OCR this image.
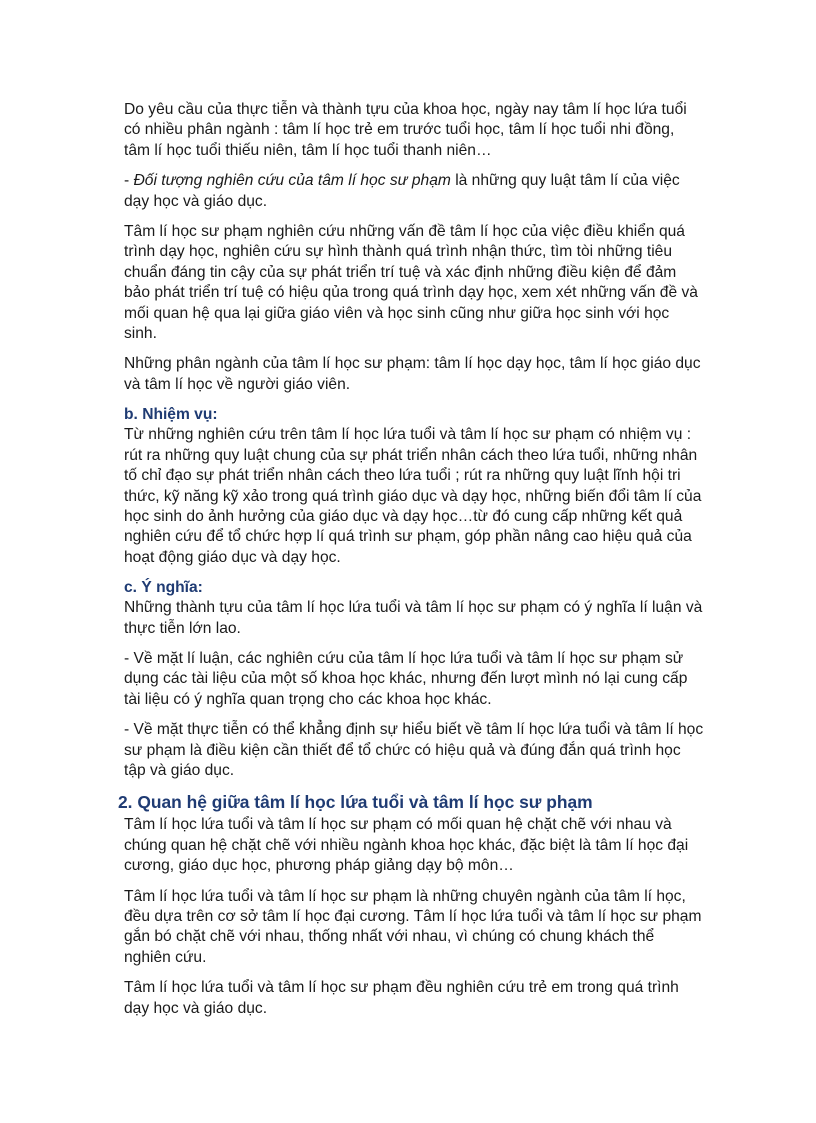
Do yêu cầu của thực tiễn và thành tựu của khoa học, ngày nay tâm lí học lứa tuổi có nhiều phân ngành : tâm lí học trẻ em trước tuổi học, tâm lí học tuổi nhi đồng, tâm lí học tuổi thiếu niên, tâm lí học tuổi thanh niên…

- Đối tượng nghiên cứu của tâm lí học sư phạm là những quy luật tâm lí của việc dạy học và giáo dục.

Tâm lí học sư phạm nghiên cứu những vấn đề tâm lí học của việc điều khiển quá trình dạy học, nghiên cứu sự hình thành quá trình nhận thức, tìm tòi những tiêu chuẩn đáng tin cậy của sự phát triển trí tuệ và xác định những điều kiện để đảm bảo phát triển trí tuệ có hiệu qủa trong quá trình dạy học, xem xét những vấn đề và mối quan hệ qua lại giữa giáo viên và học sinh cũng như giữa học sinh với học sinh.

Những phân ngành của tâm lí học sư phạm: tâm lí học dạy học, tâm lí học giáo dục và tâm lí học về người giáo viên.

b. Nhiệm vụ:

Từ những nghiên cứu trên tâm lí học lứa tuổi và tâm lí học sư phạm có nhiệm vụ : rút ra những quy luật chung của sự phát triển nhân cách theo lứa tuổi, những nhân tố chỉ đạo sự phát triển nhân cách theo lứa tuổi ; rút ra những quy luật lĩnh hội tri thức, kỹ năng kỹ xảo trong quá trình giáo dục và dạy học, những biến đổi tâm lí của học sinh do ảnh hưởng của giáo dục và dạy học…từ đó cung cấp những kết quả nghiên cứu để tổ chức hợp lí quá trình sư phạm, góp phần nâng cao hiệu quả của hoạt động giáo dục và dạy học.

c. Ý nghĩa:

Những thành tựu của tâm lí học lứa tuổi và tâm lí học sư phạm có ý nghĩa lí luận và thực tiễn lớn lao.

- Về mặt lí luận, các nghiên cứu của tâm lí học lứa tuổi và tâm lí học sư phạm sử dụng các tài liệu của một số khoa học khác, nhưng đến lượt mình nó lại cung cấp tài liệu có ý nghĩa quan trọng cho các khoa học khác.

- Về mặt thực tiễn có thể khẳng định sự hiểu biết về tâm lí học lứa tuổi và tâm lí học sư phạm là điều kiện cần thiết để tổ chức có hiệu quả và đúng đắn quá trình học tập và giáo dục.

2. Quan hệ giữa tâm lí học lứa tuổi và tâm lí học sư phạm

Tâm lí học lứa tuổi và tâm lí học sư phạm có mối quan hệ chặt chẽ với nhau và chúng quan hệ chặt chẽ với nhiều ngành khoa học khác, đặc biệt là tâm lí học đại cương, giáo dục học, phương pháp giảng dạy bộ môn…

Tâm lí học lứa tuổi và tâm lí học sư phạm là những chuyên ngành của tâm lí học, đều dựa trên cơ sở tâm lí học đại cương. Tâm lí học lứa tuổi và tâm lí học sư phạm gắn bó chặt chẽ với nhau, thống nhất với nhau, vì chúng có chung khách thể nghiên cứu.

Tâm lí học lứa tuổi và tâm lí học sư phạm đều nghiên cứu trẻ em trong quá trình dạy học và giáo dục.
